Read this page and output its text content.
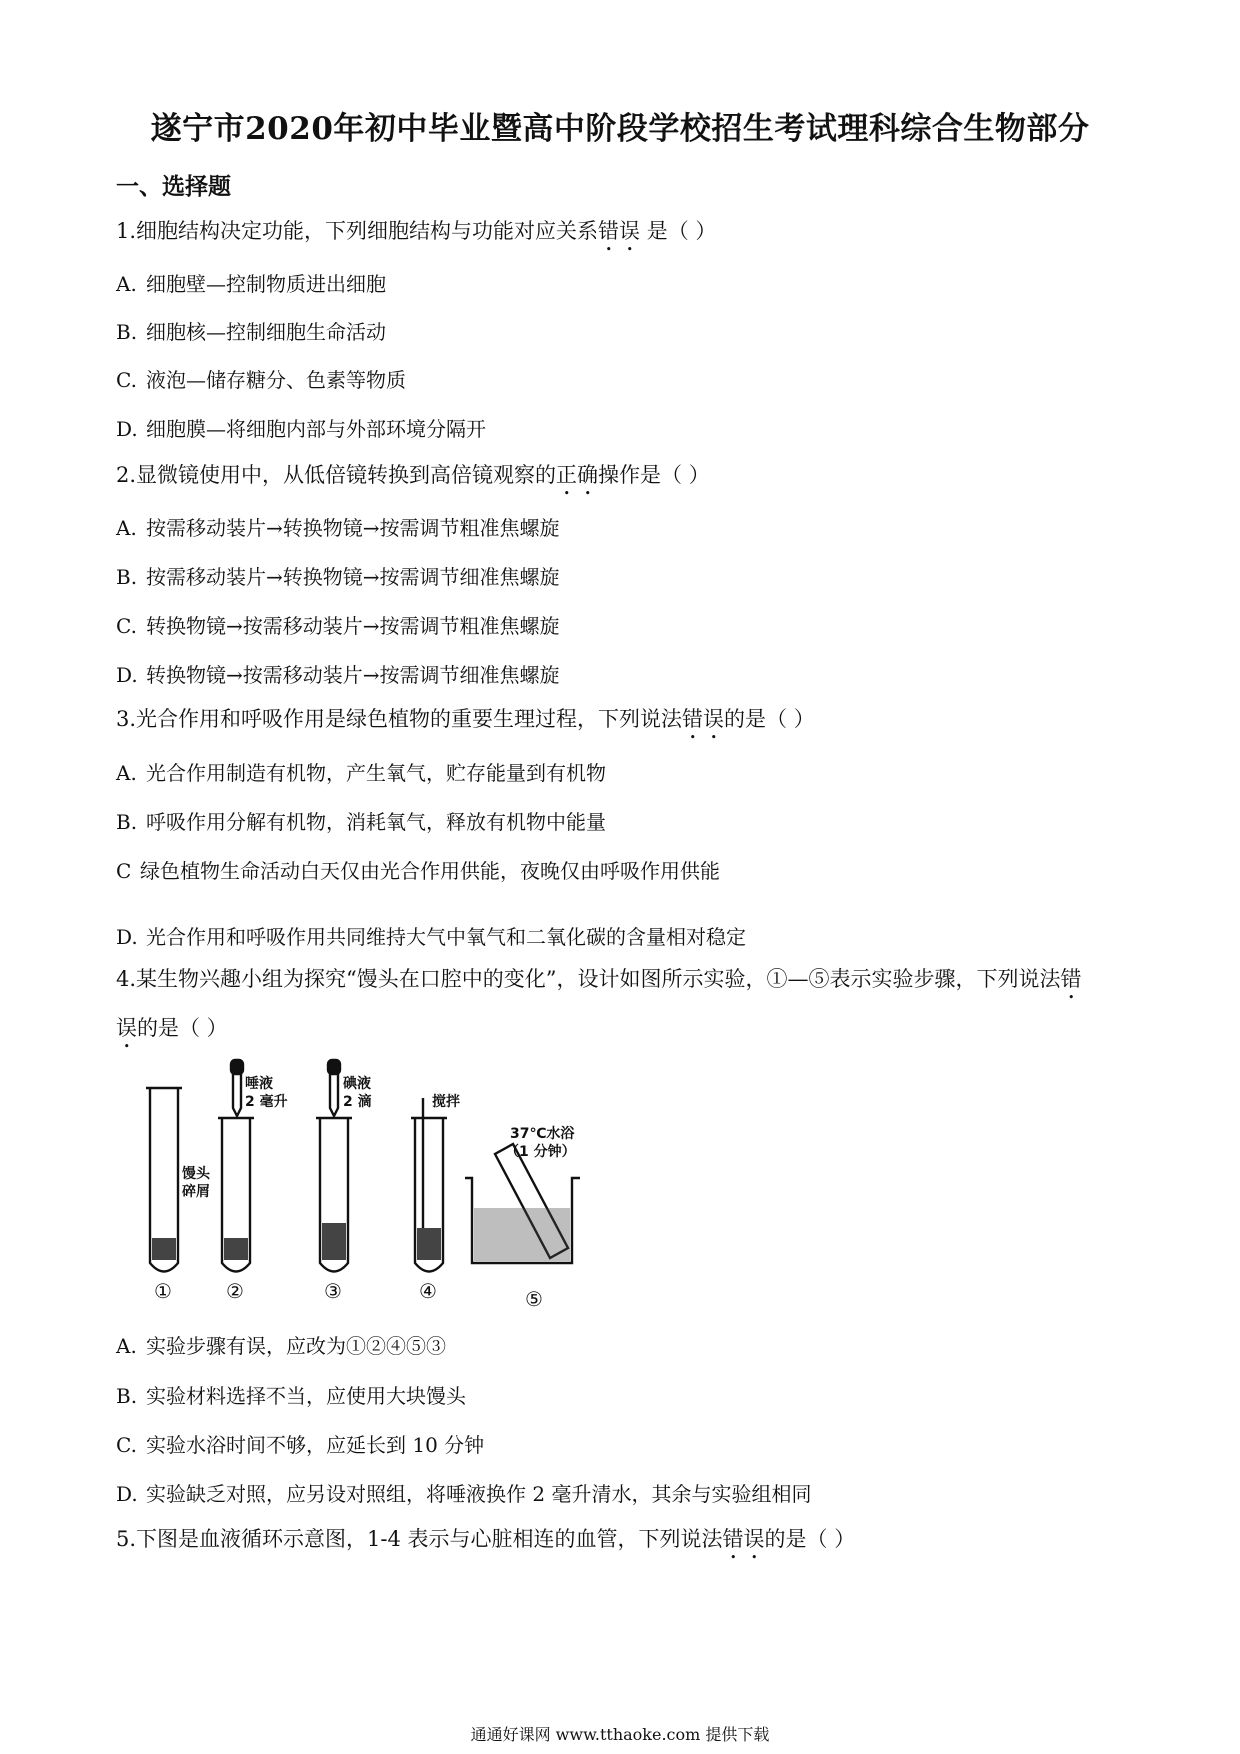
遂宁市2020年初中毕业暨高中阶段学校招生考试理科综合生物部分
一、选择题
1.细胞结构决定功能，下列细胞结构与功能对应关系错误 是（ ）
A. 细胞壁—控制物质进出细胞
B. 细胞核—控制细胞生命活动
C. 液泡—储存糖分、色素等物质
D. 细胞膜—将细胞内部与外部环境分隔开
2.显微镜使用中，从低倍镜转换到高倍镜观察的正确操作是（ ）
A. 按需移动装片→转换物镜→按需调节粗准焦螺旋
B. 按需移动装片→转换物镜→按需调节细准焦螺旋
C. 转换物镜→按需移动装片→按需调节粗准焦螺旋
D. 转换物镜→按需移动装片→按需调节细准焦螺旋
3.光合作用和呼吸作用是绿色植物的重要生理过程，下列说法错误的是（ ）
A. 光合作用制造有机物，产生氧气，贮存能量到有机物
B. 呼吸作用分解有机物，消耗氧气，释放有机物中能量
C 绿色植物生命活动白天仅由光合作用供能，夜晚仅由呼吸作用供能
D. 光合作用和呼吸作用共同维持大气中氧气和二氧化碳的含量相对稳定
4.某生物兴趣小组为探究“馒头在口腔中的变化”，设计如图所示实验，①—⑤表示实验步骤，下列说法错
误的是（ ）
唾液
2 毫升
碘液
2 滴	搅拌
37℃水浴
（1 分钟）
馒头
碎屑
①	②	③	④	⑤
A. 实验步骤有误，应改为①②④⑤③
B. 实验材料选择不当，应使用大块馒头
C. 实验水浴时间不够，应延长到 10 分钟
D. 实验缺乏对照，应另设对照组，将唾液换作 2 毫升清水，其余与实验组相同
5.下图是血液循环示意图，1-4 表示与心脏相连的血管，下列说法错误的是（ ）
通通好课网 www.tthaoke.com 提供下载
